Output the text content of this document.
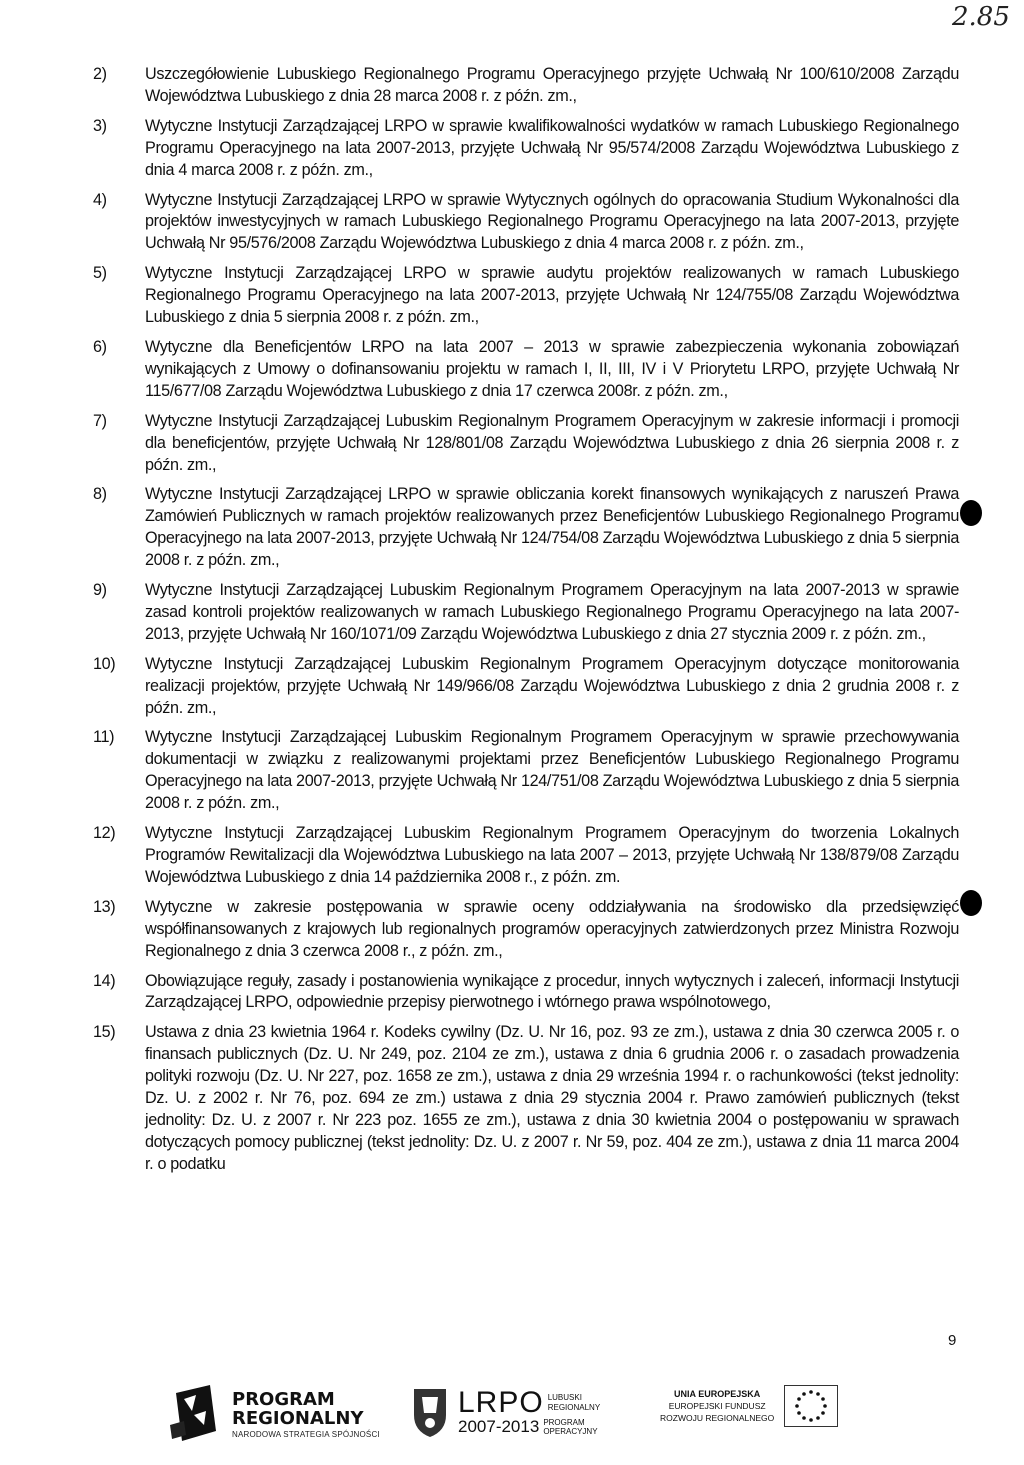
2.85
2)	Uszczegółowienie Lubuskiego Regionalnego Programu Operacyjnego przyjęte Uchwałą Nr 100/610/2008 Zarządu Województwa Lubuskiego z dnia 28 marca 2008 r. z późn. zm.,
3)	Wytyczne Instytucji Zarządzającej LRPO w sprawie kwalifikowalności wydatków w ramach Lubuskiego Regionalnego Programu Operacyjnego na lata 2007-2013, przyjęte Uchwałą Nr 95/574/2008 Zarządu Województwa Lubuskiego z dnia 4 marca 2008 r. z późn. zm.,
4)	Wytyczne Instytucji Zarządzającej LRPO w sprawie Wytycznych ogólnych do opracowania Studium Wykonalności dla projektów inwestycyjnych w ramach Lubuskiego Regionalnego Programu Operacyjnego na lata 2007-2013, przyjęte Uchwałą Nr 95/576/2008 Zarządu Województwa Lubuskiego z dnia 4 marca 2008 r. z późn. zm.,
5)	Wytyczne Instytucji Zarządzającej LRPO w sprawie audytu projektów realizowanych w ramach Lubuskiego Regionalnego Programu Operacyjnego na lata 2007-2013, przyjęte Uchwałą Nr 124/755/08 Zarządu Województwa Lubuskiego z dnia 5 sierpnia 2008 r. z późn. zm.,
6)	Wytyczne dla Beneficjentów LRPO na lata 2007 – 2013 w sprawie zabezpieczenia wykonania zobowiązań wynikających z Umowy o dofinansowaniu projektu w ramach I, II, III, IV i V Priorytetu LRPO, przyjęte Uchwałą Nr 115/677/08 Zarządu Województwa Lubuskiego z dnia 17 czerwca 2008r. z późn. zm.,
7)	Wytyczne Instytucji Zarządzającej Lubuskim Regionalnym Programem Operacyjnym w zakresie informacji i promocji dla beneficjentów, przyjęte Uchwałą Nr 128/801/08 Zarządu Województwa Lubuskiego z dnia 26 sierpnia 2008 r. z późn. zm.,
8)	Wytyczne Instytucji Zarządzającej LRPO w sprawie obliczania korekt finansowych wynikających z naruszeń Prawa Zamówień Publicznych w ramach projektów realizowanych przez Beneficjentów Lubuskiego Regionalnego Programu Operacyjnego na lata 2007-2013, przyjęte Uchwałą Nr 124/754/08 Zarządu Województwa Lubuskiego z dnia 5 sierpnia 2008 r. z późn. zm.,
9)	Wytyczne Instytucji Zarządzającej Lubuskim Regionalnym Programem Operacyjnym na lata 2007-2013 w sprawie zasad kontroli projektów realizowanych w ramach Lubuskiego Regionalnego Programu Operacyjnego na lata 2007-2013, przyjęte Uchwałą Nr 160/1071/09 Zarządu Województwa Lubuskiego z dnia 27 stycznia 2009 r. z późn. zm.,
10)	Wytyczne Instytucji Zarządzającej Lubuskim Regionalnym Programem Operacyjnym dotyczące monitorowania realizacji projektów, przyjęte Uchwałą Nr 149/966/08 Zarządu Województwa Lubuskiego z dnia 2 grudnia 2008 r. z późn. zm.,
11)	Wytyczne Instytucji Zarządzającej Lubuskim Regionalnym Programem Operacyjnym w sprawie przechowywania dokumentacji w związku z realizowanymi projektami przez Beneficjentów Lubuskiego Regionalnego Programu Operacyjnego na lata 2007-2013, przyjęte Uchwałą Nr 124/751/08 Zarządu Województwa Lubuskiego z dnia 5 sierpnia 2008 r. z późn. zm.,
12)	Wytyczne Instytucji Zarządzającej Lubuskim Regionalnym Programem Operacyjnym do tworzenia Lokalnych Programów Rewitalizacji dla Województwa Lubuskiego na lata 2007 – 2013, przyjęte Uchwałą Nr 138/879/08 Zarządu Województwa Lubuskiego z dnia 14 października 2008 r., z późn. zm.
13)	Wytyczne w zakresie postępowania w sprawie oceny oddziaływania na środowisko dla przedsięwzięć współfinansowanych z krajowych lub regionalnych programów operacyjnych zatwierdzonych przez Ministra Rozwoju Regionalnego z dnia 3 czerwca 2008 r., z późn. zm.,
14)	Obowiązujące reguły, zasady i postanowienia wynikające z procedur, innych wytycznych i zaleceń, informacji Instytucji Zarządzającej LRPO, odpowiednie przepisy pierwotnego i wtórnego prawa wspólnotowego,
15)	Ustawa z dnia 23 kwietnia 1964 r. Kodeks cywilny (Dz. U. Nr 16, poz. 93 ze zm.), ustawa z dnia 30 czerwca 2005 r. o finansach publicznych (Dz. U. Nr 249, poz. 2104 ze zm.), ustawa z dnia 6 grudnia 2006 r. o zasadach prowadzenia polityki rozwoju (Dz. U. Nr 227, poz. 1658 ze zm.), ustawa z dnia 29 września 1994 r. o rachunkowości (tekst jednolity: Dz. U. z 2002 r. Nr 76, poz. 694 ze zm.) ustawa z dnia 29 stycznia 2004 r. Prawo zamówień publicznych (tekst jednolity: Dz. U. z 2007 r. Nr 223 poz. 1655 ze zm.), ustawa z dnia 30 kwietnia 2004 o postępowaniu w sprawach dotyczących pomocy publicznej (tekst jednolity: Dz. U. z 2007 r. Nr 59, poz. 404 ze zm.), ustawa z dnia 11 marca 2004 r. o podatku
9
PROGRAM
REGIONALNY
NARODOWA STRATEGIA SPÓJNOŚCI
LRPO LUBUSKI
REGIONALNY
2007-2013 PROGRAM
OPERACYJNY
UNIA EUROPEJSKA
EUROPEJSKI FUNDUSZ
ROZWOJU REGIONALNEGO
